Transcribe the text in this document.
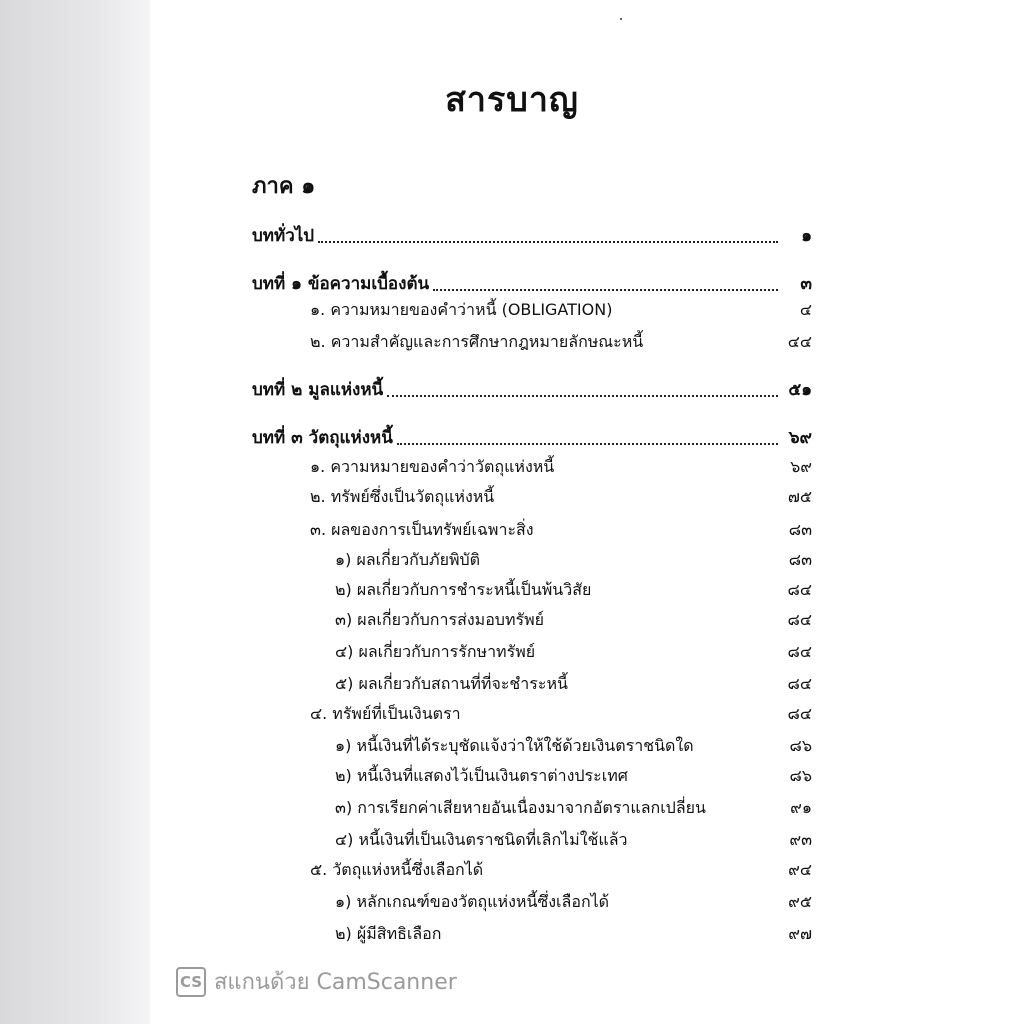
สารบาญ
ภาค ๑
บททั่วไป	๑
บทที่ ๑ ข้อความเบื้องต้น	๓
๑. ความหมายของคำว่าหนี้ (OBLIGATION)	๔
๒. ความสำคัญและการศึกษากฎหมายลักษณะหนี้	๔๔
บทที่ ๒ มูลแห่งหนี้	๕๑
บทที่ ๓ วัตถุแห่งหนี้	๖๙
๑. ความหมายของคำว่าวัตถุแห่งหนี้	๖๙
๒. ทรัพย์ซึ่งเป็นวัตถุแห่งหนี้	๗๕
๓. ผลของการเป็นทรัพย์เฉพาะสิ่ง	๘๓
๑) ผลเกี่ยวกับภัยพิบัติ	๘๓
๒) ผลเกี่ยวกับการชำระหนี้เป็นพ้นวิสัย	๘๔
๓) ผลเกี่ยวกับการส่งมอบทรัพย์	๘๔
๔) ผลเกี่ยวกับการรักษาทรัพย์	๘๔
๕) ผลเกี่ยวกับสถานที่ที่จะชำระหนี้	๘๔
๔. ทรัพย์ที่เป็นเงินตรา	๘๔
๑) หนี้เงินที่ได้ระบุชัดแจ้งว่าให้ใช้ด้วยเงินตราชนิดใด	๘๖
๒) หนี้เงินที่แสดงไว้เป็นเงินตราต่างประเทศ	๘๖
๓) การเรียกค่าเสียหายอันเนื่องมาจากอัตราแลกเปลี่ยน	๙๑
๔) หนี้เงินที่เป็นเงินตราชนิดที่เลิกไม่ใช้แล้ว	๙๓
๕. วัตถุแห่งหนี้ซึ่งเลือกได้	๙๔
๑) หลักเกณฑ์ของวัตถุแห่งหนี้ซึ่งเลือกได้	๙๕
๒) ผู้มีสิทธิเลือก	๙๗
CS สแกนด้วย CamScanner
